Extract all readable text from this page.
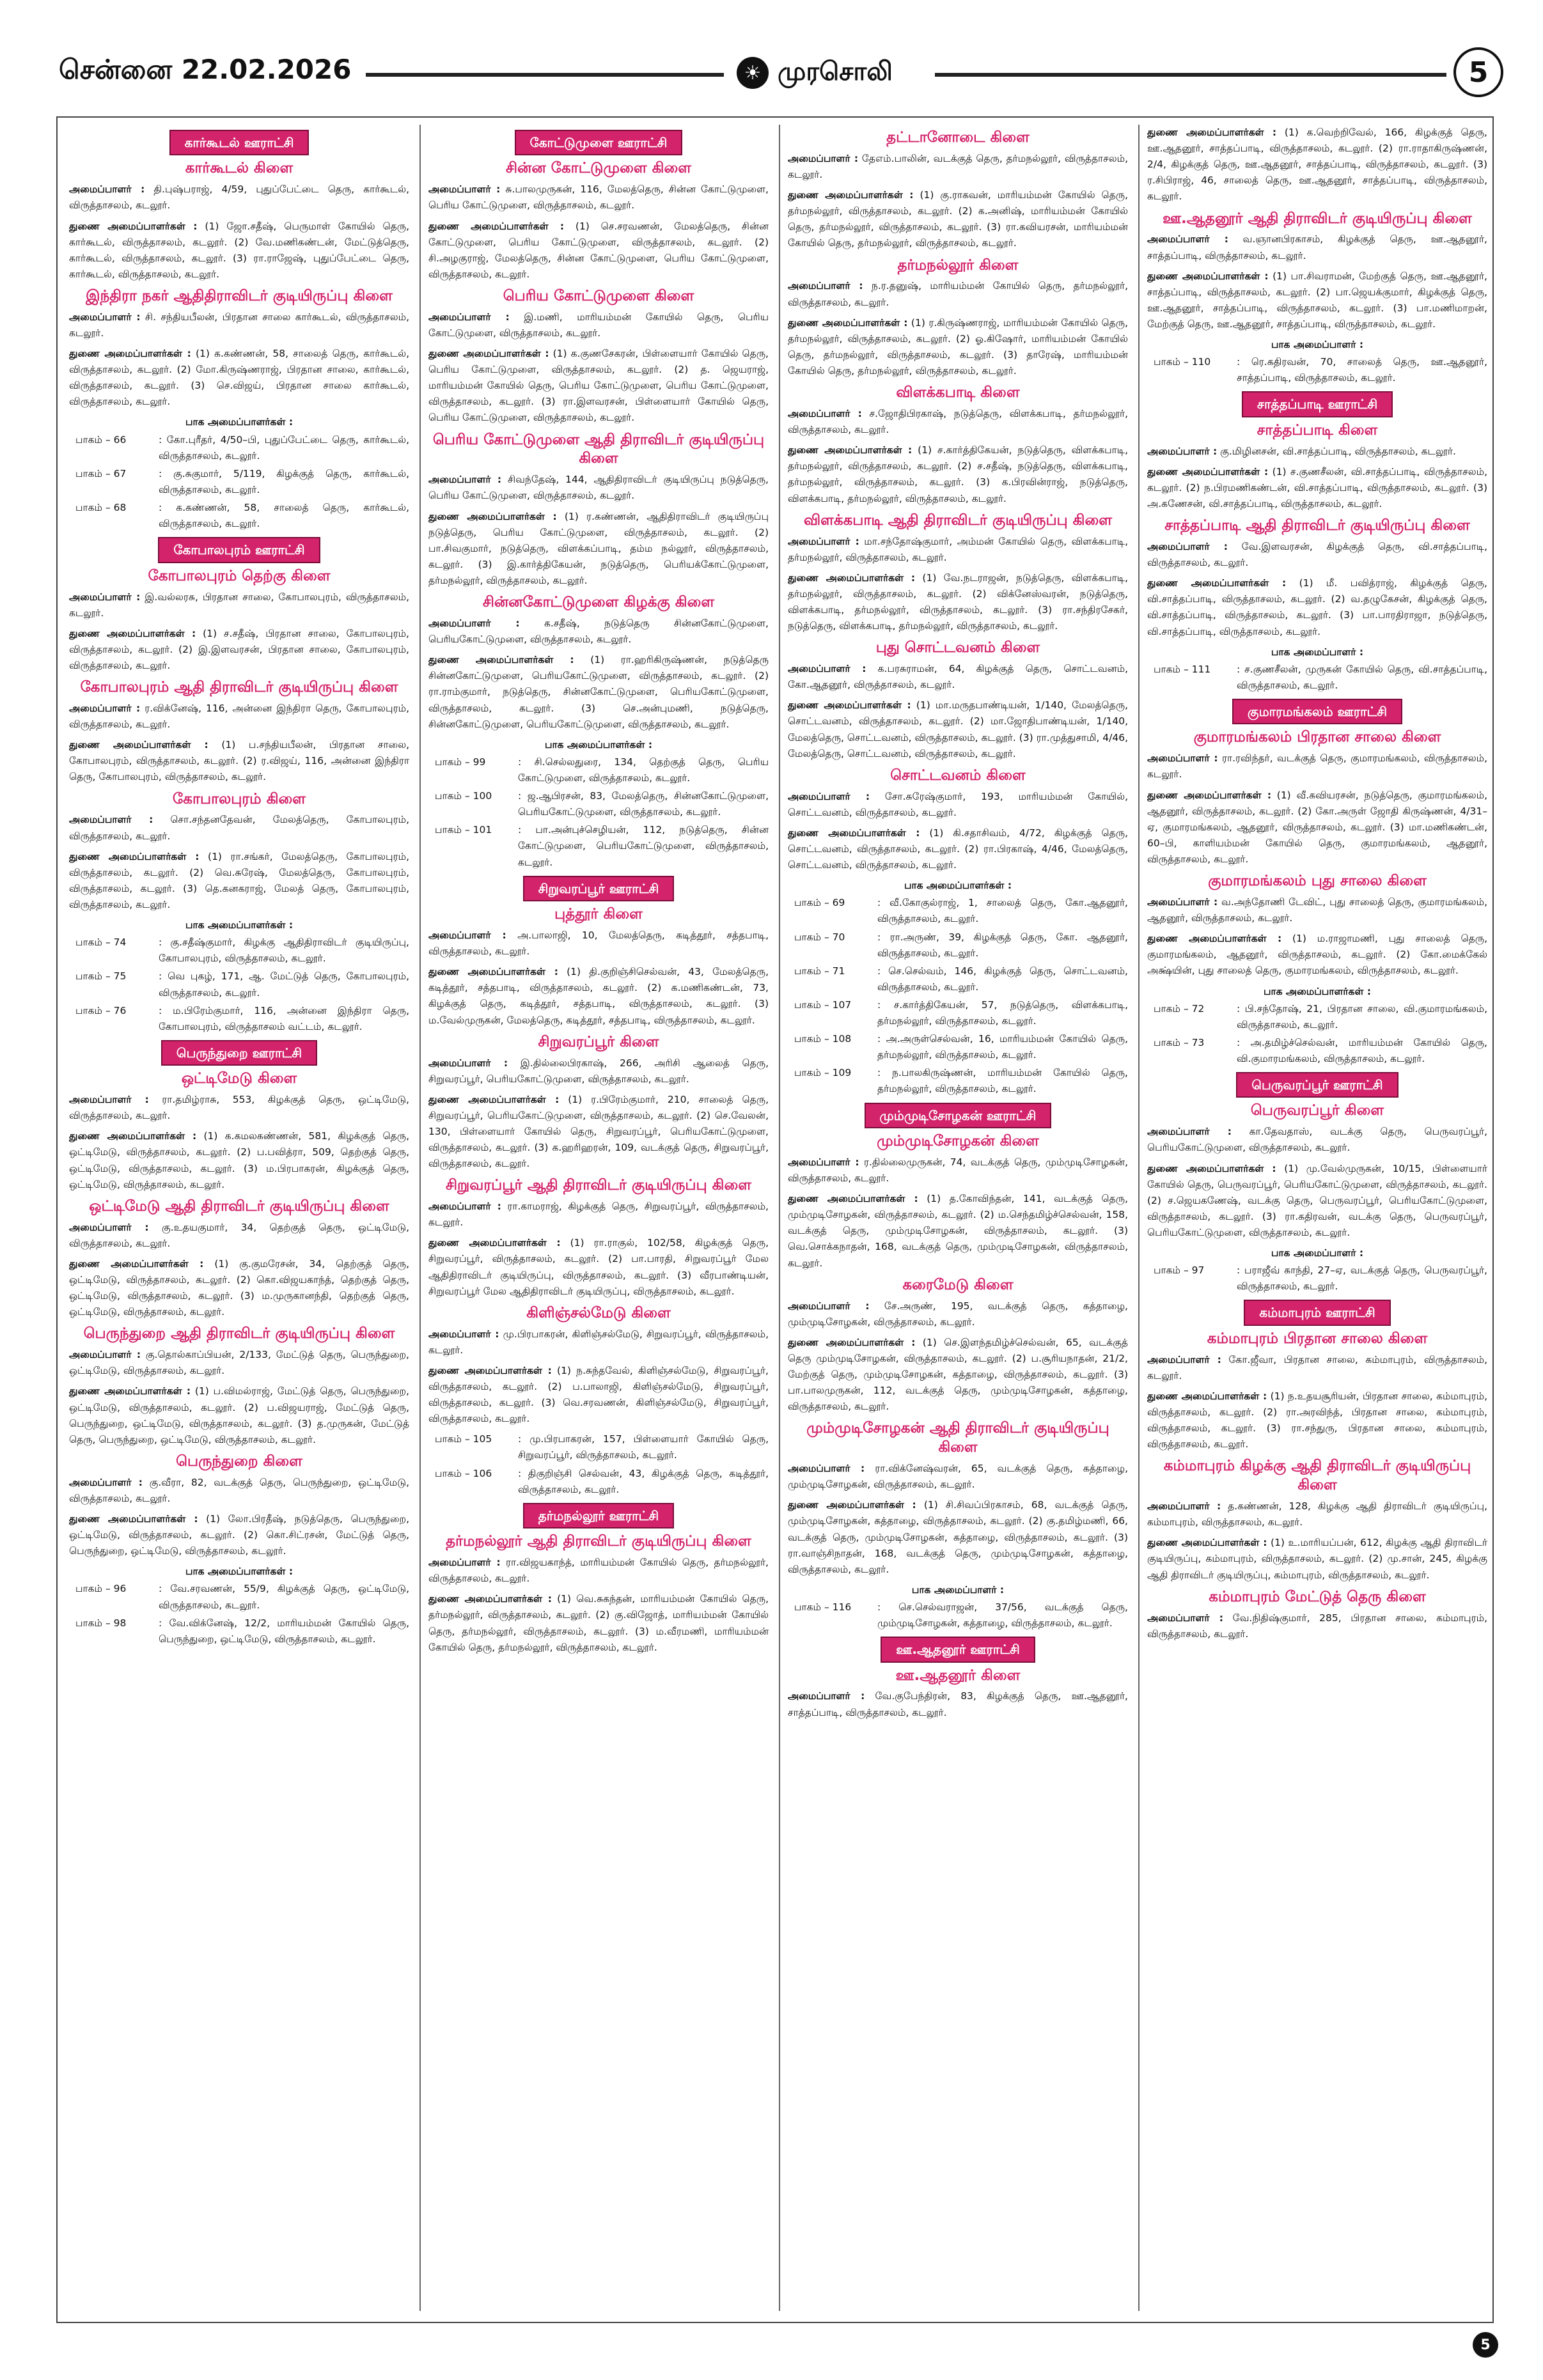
சென்னை 22.02.2026	☀ முரசொலி	5
கார்கூடல் ஊராட்சி
கார்கூடல் கிளை
அமைப்பாளர் : தி.புஷ்பராஜ், 4/59, புதுப்பேட்டை தெரு, கார்கூடல், விருத்தாசலம், கடலூர்.
துணை அமைப்பாளர்கள் : (1) ஜோ.சதீஷ், பெருமாள் கோயில் தெரு, கார்கூடல், விருத்தாசலம், கடலூர். (2) வே.மணிகண்டன், மேட்டுத்தெரு, கார்கூடல், விருத்தாசலம், கடலூர். (3) ரா.ராஜேஷ், புதுப்பேட்டை தெரு, கார்கூடல், விருத்தாசலம், கடலூர்.
இந்திரா நகர் ஆதிதிராவிடர் குடியிருப்பு கிளை
அமைப்பாளர் : சி. சந்தியபீலன், பிரதான சாலை கார்கூடல், விருத்தாசலம், கடலூர்.
துணை அமைப்பாளர்கள் : (1) க.கண்ணன், 58, சாலைத் தெரு, கார்கூடல், விருத்தாசலம், கடலூர். (2) மோ.கிருஷ்ணராஜ், பிரதான சாலை, கார்கூடல், விருத்தாசலம், கடலூர். (3) செ.விஜய், பிரதான சாலை கார்கூடல், விருத்தாசலம், கடலூர்.
பாக அமைப்பாளர்கள் :
பாகம் – 66	: கோ.புரீதர், 4/50–பி, புதுப்பேட்டை தெரு, கார்கூடல், விருத்தாசலம், கடலூர்.
பாகம் – 67	: கு.சுகுமார், 5/119, கிழக்குத் தெரு, கார்கூடல், விருத்தாசலம், கடலூர்.
பாகம் – 68	: க.கண்ணன், 58, சாலைத் தெரு, கார்கூடல், விருத்தாசலம், கடலூர்.
கோபாலபுரம் ஊராட்சி
கோபாலபுரம் தெற்கு கிளை
அமைப்பாளர் : இ.வல்லரசு, பிரதான சாலை, கோபாலபுரம், விருத்தாசலம், கடலூர்.
துணை அமைப்பாளர்கள் : (1) ச.சதீஷ், பிரதான சாலை, கோபாலபுரம், விருத்தாசலம், கடலூர். (2) இ.இளவரசன், பிரதான சாலை, கோபாலபுரம், விருத்தாசலம், கடலூர்.
கோபாலபுரம் ஆதி திராவிடர் குடியிருப்பு கிளை
அமைப்பாளர் : ர.விக்னேஷ், 116, அன்னை இந்திரா தெரு, கோபாலபுரம், விருத்தாசலம், கடலூர்.
துணை அமைப்பாளர்கள் : (1) ப.சந்தியபீலன், பிரதான சாலை, கோபாலபுரம், விருத்தாசலம், கடலூர். (2) ர.விஜய், 116, அன்னை இந்திரா தெரு, கோபாலபுரம், விருத்தாசலம், கடலூர்.
கோபாலபுரம் கிளை
அமைப்பாளர் : சொ.சந்தனதேவன், மேலத்தெரு, கோபாலபுரம், விருத்தாசலம், கடலூர்.
துணை அமைப்பாளர்கள் : (1) ரா.சங்கர், மேலத்தெரு, கோபாலபுரம், விருத்தாசலம், கடலூர். (2) வெ.சுரேஷ், மேலத்தெரு, கோபாலபுரம், விருத்தாசலம், கடலூர். (3) தெ.கனகராஜ், மேலத் தெரு, கோபாலபுரம், விருத்தாசலம், கடலூர்.
பாக அமைப்பாளர்கள் :
பாகம் – 74	: கு.சதீஷ்குமார், கிழக்கு ஆதிதிராவிடர் குடியிருப்பு, கோபாலபுரம், விருத்தாசலம், கடலூர்.
பாகம் – 75	: வெ புகழ், 171, ஆ. மேட்டுத் தெரு, கோபாலபுரம், விருத்தாசலம், கடலூர்.
பாகம் – 76	: ம.பிரேம்குமார், 116, அன்னை இந்திரா தெரு, கோபாலபுரம், விருத்தாசலம் வட்டம், கடலூர்.
பெருந்துறை ஊராட்சி
ஒட்டிமேடு கிளை
அமைப்பாளர் : ரா.தமிழ்ராசு, 553, கிழக்குத் தெரு, ஒட்டிமேடு, விருத்தாசலம், கடலூர்.
துணை அமைப்பாளர்கள் : (1) க.கமலகண்ணன், 581, கிழக்குத் தெரு, ஒட்டிமேடு, விருத்தாசலம், கடலூர். (2) ப.பவித்ரா, 509, தெற்குத் தெரு, ஒட்டிமேடு, விருத்தாசலம், கடலூர். (3) ம.பிரபாகரன், கிழக்குத் தெரு, ஒட்டிமேடு, விருத்தாசலம், கடலூர்.
ஒட்டிமேடு ஆதி திராவிடர் குடியிருப்பு கிளை
அமைப்பாளர் : கு.உதயகுமார், 34, தெற்குத் தெரு, ஒட்டிமேடு, விருத்தாசலம், கடலூர்.
துணை அமைப்பாளர்கள் : (1) கு.குமரேசன், 34, தெற்குத் தெரு, ஒட்டிமேடு, விருத்தாசலம், கடலூர். (2) கொ.விஜயகாந்த், தெற்குத் தெரு, ஒட்டிமேடு, விருத்தாசலம், கடலூர். (3) ம.முருகானந்தி, தெற்குத் தெரு, ஒட்டிமேடு, விருத்தாசலம், கடலூர்.
பெருந்துறை ஆதி திராவிடர் குடியிருப்பு கிளை
அமைப்பாளர் : கு.தொல்காப்பியன், 2/133, மேட்டுத் தெரு, பெருந்துறை, ஒட்டிமேடு, விருத்தாசலம், கடலூர்.
துணை அமைப்பாளர்கள் : (1) ப.விமல்ராஜ், மேட்டுத் தெரு, பெருந்துறை, ஒட்டிமேடு, விருத்தாசலம், கடலூர். (2) ப.விஜயராஜ், மேட்டுத் தெரு, பெருந்துறை, ஒட்டிமேடு, விருத்தாசலம், கடலூர். (3) த.முருகன், மேட்டுத் தெரு, பெருந்துறை, ஒட்டிமேடு, விருத்தாசலம், கடலூர்.
பெருந்துறை கிளை
அமைப்பாளர் : கு.வீரா, 82, வடக்குத் தெரு, பெருந்துறை, ஒட்டிமேடு, விருத்தாசலம், கடலூர்.
துணை அமைப்பாளர்கள் : (1) லோ.பிரதீஷ், நடுத்தெரு, பெருந்துறை, ஒட்டிமேடு, விருத்தாசலம், கடலூர். (2) கொ.சிட்ரசன், மேட்டுத் தெரு, பெருந்துறை, ஒட்டிமேடு, விருத்தாசலம், கடலூர்.
பாக அமைப்பாளர்கள் :
பாகம் – 96	: வே.சரவணன், 55/9, கிழக்குத் தெரு, ஒட்டிமேடு, விருத்தாசலம், கடலூர்.
பாகம் – 98	: வே.விக்னேஷ், 12/2, மாரியம்மன் கோயில் தெரு, பெருந்துறை, ஒட்டிமேடு, விருத்தாசலம், கடலூர்.
கோட்டுமுளை ஊராட்சி
சின்ன கோட்டுமுளை கிளை
அமைப்பாளர் : சு.பாலமுருகன், 116, மேலத்தெரு, சின்ன கோட்டுமுளை, பெரிய கோட்டுமுளை, விருத்தாசலம், கடலூர்.
துணை அமைப்பாளர்கள் : (1) செ.சரவணன், மேலத்தெரு, சின்ன கோட்டுமுளை, பெரிய கோட்டுமுளை, விருத்தாசலம், கடலூர். (2) சி.அழகுராஜ், மேலத்தெரு, சின்ன கோட்டுமுளை, பெரிய கோட்டுமுளை, விருத்தாசலம், கடலூர்.
பெரிய கோட்டுமுளை கிளை
அமைப்பாளர் : இ.மணி, மாரியம்மன் கோயில் தெரு, பெரிய கோட்டுமுளை, விருத்தாசலம், கடலூர்.
துணை அமைப்பாளர்கள் : (1) க.குணசேகரன், பிள்ளையார் கோயில் தெரு, பெரிய கோட்டுமுளை, விருத்தாசலம், கடலூர். (2) த. ஜெயராஜ், மாரியம்மன் கோயில் தெரு, பெரிய கோட்டுமுளை, பெரிய கோட்டுமுளை, விருத்தாசலம், கடலூர். (3) ரா.இளவரசன், பிள்ளையார் கோயில் தெரு, பெரிய கோட்டுமுளை, விருத்தாசலம், கடலூர்.
பெரிய கோட்டுமுளை ஆதி திராவிடர் குடியிருப்பு கிளை
அமைப்பாளர் : சிவந்தேஷ், 144, ஆதிதிராவிடர் குடியிருப்பு நடுத்தெரு, பெரிய கோட்டுமுளை, விருத்தாசலம், கடலூர்.
துணை அமைப்பாளர்கள் : (1) ர.கண்ணன், ஆதிதிராவிடர் குடியிருப்பு நடுத்தெரு, பெரிய கோட்டுமுளை, விருத்தாசலம், கடலூர். (2) பா.சிவகுமார், நடுத்தெரு, விளக்கப்பாடி, தம்ம நல்லூர், விருத்தாசலம், கடலூர். (3) இ.கார்த்திகேயன், நடுத்தெரு, பெரியக்கோட்டுமுளை, தர்மநல்லூர், விருத்தாசலம், கடலூர்.
சின்னகோட்டுமுளை கிழக்கு கிளை
அமைப்பாளர் : க.சதீஷ், நடுத்தெரு சின்னகோட்டுமுளை, பெரியகோட்டுமுளை, விருத்தாசலம், கடலூர்.
துணை அமைப்பாளர்கள் : (1) ரா.ஹரிகிருஷ்ணன், நடுத்தெரு சின்னகோட்டுமுளை, பெரியகோட்டுமுளை, விருத்தாசலம், கடலூர். (2) ரா.ராம்குமார், நடுத்தெரு, சின்னகோட்டுமுளை, பெரியகோட்டுமுளை, விருத்தாசலம், கடலூர். (3) செ.அன்புமணி, நடுத்தெரு, சின்னகோட்டுமுளை, பெரியகோட்டுமுளை, விருத்தாசலம், கடலூர்.
பாக அமைப்பாளர்கள் :
பாகம் – 99	: சி.செல்லதுரை, 134, தெற்குத் தெரு, பெரிய கோட்டுமுளை, விருத்தாசலம், கடலூர்.
பாகம் – 100	: ஜ.ஆபிரசன், 83, மேலத்தெரு, சின்னகோட்டுமுளை, பெரியகோட்டுமுளை, விருத்தாசலம், கடலூர்.
பாகம் – 101	: பா.அன்புச்செழியன், 112, நடுத்தெரு, சின்ன கோட்டுமுளை, பெரியகோட்டுமுளை, விருத்தாசலம், கடலூர்.
சிறுவரப்பூர் ஊராட்சி
புத்தூர் கிளை
அமைப்பாளர் : அ.பாலாஜி, 10, மேலத்தெரு, கடித்தூர், சத்தபாடி, விருத்தாசலம், கடலூர்.
துணை அமைப்பாளர்கள் : (1) தி.குறிஞ்சிசெல்வன், 43, மேலத்தெரு, கடித்தூர், சத்தபாடி, விருத்தாசலம், கடலூர். (2) க.மணிகண்டன், 73, கிழக்குத் தெரு, கடித்தூர், சத்தபாடி, விருத்தாசலம், கடலூர். (3) ம.வேல்முருகன், மேலத்தெரு, கடித்தூர், சத்தபாடி, விருத்தாசலம், கடலூர்.
சிறுவரப்பூர் கிளை
அமைப்பாளர் : இ.தில்லைபிரகாஷ், 266, அரிசி ஆலைத் தெரு, சிறுவரப்பூர், பெரியகோட்டுமுளை, விருத்தாசலம், கடலூர்.
துணை அமைப்பாளர்கள் : (1) ர.பிரேம்குமார், 210, சாலைத் தெரு, சிறுவரப்பூர், பெரியகோட்டுமுளை, விருத்தாசலம், கடலூர். (2) செ.வேலன், 130, பிள்ளையார் கோயில் தெரு, சிறுவரப்பூர், பெரியகோட்டுமுளை, விருத்தாசலம், கடலூர். (3) க.ஹரிஹரன், 109, வடக்குத் தெரு, சிறுவரப்பூர், விருத்தாசலம், கடலூர்.
சிறுவரப்பூர் ஆதி திராவிடர் குடியிருப்பு கிளை
அமைப்பாளர் : ரா.காமராஜ், கிழக்குத் தெரு, சிறுவரப்பூர், விருத்தாசலம், கடலூர்.
துணை அமைப்பாளர்கள் : (1) ரா.ராகுல், 102/58, கிழக்குத் தெரு, சிறுவரப்பூர், விருத்தாசலம், கடலூர். (2) பா.பாரதி, சிறுவரப்பூர் மேல ஆதிதிராவிடர் குடியிருப்பு, விருத்தாசலம், கடலூர். (3) வீரபாண்டியன், சிறுவரப்பூர் மேல ஆதிதிராவிடர் குடியிருப்பு, விருத்தாசலம், கடலூர்.
கிளிஞ்சல்மேடு கிளை
அமைப்பாளர் : மு.பிரபாகரன், கிளிஞ்சல்மேடு, சிறுவரப்பூர், விருத்தாசலம், கடலூர்.
துணை அமைப்பாளர்கள் : (1) ந.சுந்தவேல், கிளிஞ்சல்மேடு, சிறுவரப்பூர், விருத்தாசலம், கடலூர். (2) ப.பாலாஜி, கிளிஞ்சல்மேடு, சிறுவரப்பூர், விருத்தாசலம், கடலூர். (3) வெ.சரவணன், கிளிஞ்சல்மேடு, சிறுவரப்பூர், விருத்தாசலம், கடலூர்.
பாகம் – 105	: மு.பிரபாகரன், 157, பிள்ளையார் கோயில் தெரு, சிறுவரப்பூர், விருத்தாசலம், கடலூர்.
பாகம் – 106	: திகுறிஞ்சி செல்வன், 43, கிழக்குத் தெரு, கடித்தூர், விருத்தாசலம், கடலூர்.
தர்மநல்லூர் ஊராட்சி
தர்மநல்லூர் ஆதி திராவிடர் குடியிருப்பு கிளை
அமைப்பாளர் : ரா.விஜயகாந்த், மாரியம்மன் கோயில் தெரு, தர்மநல்லூர், விருத்தாசலம், கடலூர்.
துணை அமைப்பாளர்கள் : (1) வெ.சுகந்தன், மாரியம்மன் கோயில் தெரு, தர்மநல்லூர், விருத்தாசலம், கடலூர். (2) கு.விஜோத், மாரியம்மன் கோயில் தெரு, தர்மநல்லூர், விருத்தாசலம், கடலூர். (3) ம.வீரமணி, மாரியம்மன் கோயில் தெரு, தர்மநல்லூர், விருத்தாசலம், கடலூர்.
தட்டானோடை கிளை
அமைப்பாளர் : தேஎம்.பாலின், வடக்குத் தெரு, தர்மநல்லூர், விருத்தாசலம், கடலூர்.
துணை அமைப்பாளர்கள் : (1) கு.ராகவன், மாரியம்மன் கோயில் தெரு, தர்மநல்லூர், விருத்தாசலம், கடலூர். (2) க.அனிஷ், மாரியம்மன் கோயில் தெரு, தர்மநல்லூர், விருத்தாசலம், கடலூர். (3) ரா.கவியரசன், மாரியம்மன் கோயில் தெரு, தர்மநல்லூர், விருத்தாசலம், கடலூர்.
தர்மநல்லூர் கிளை
அமைப்பாளர் : ந.ர.தனுஷ், மாரியம்மன் கோயில் தெரு, தர்மநல்லூர், விருத்தாசலம், கடலூர்.
துணை அமைப்பாளர்கள் : (1) ர.கிருஷ்ணராஜ், மாரியம்மன் கோயில் தெரு, தர்மநல்லூர், விருத்தாசலம், கடலூர். (2) ஓ.கிஷோர், மாரியம்மன் கோயில் தெரு, தர்மநல்லூர், விருத்தாசலம், கடலூர். (3) தாரேஷ், மாரியம்மன் கோயில் தெரு, தர்மநல்லூர், விருத்தாசலம், கடலூர்.
விளக்கபாடி கிளை
அமைப்பாளர் : ச.ஜோதிபிரகாஷ், நடுத்தெரு, விளக்கபாடி, தர்மநல்லூர், விருத்தாசலம், கடலூர்.
துணை அமைப்பாளர்கள் : (1) ச.கார்த்திகேயன், நடுத்தெரு, விளக்கபாடி, தர்மநல்லூர், விருத்தாசலம், கடலூர். (2) ச.சதீஷ், நடுத்தெரு, விளக்கபாடி, தர்மநல்லூர், விருத்தாசலம், கடலூர். (3) க.பிரவின்ராஜ், நடுத்தெரு, விளக்கபாடி, தர்மநல்லூர், விருத்தாசலம், கடலூர்.
விளக்கபாடி ஆதி திராவிடர் குடியிருப்பு கிளை
அமைப்பாளர் : மா.சந்தோஷ்குமார், அம்மன் கோயில் தெரு, விளக்கபாடி, தர்மநல்லூர், விருத்தாசலம், கடலூர்.
துணை அமைப்பாளர்கள் : (1) வே.நடராஜன், நடுத்தெரு, விளக்கபாடி, தர்மநல்லூர், விருத்தாசலம், கடலூர். (2) விக்னேஸ்வரன், நடுத்தெரு, விளக்கபாடி, தர்மநல்லூர், விருத்தாசலம், கடலூர். (3) ரா.சந்திரசேகர், நடுத்தெரு, விளக்கபாடி, தர்மநல்லூர், விருத்தாசலம், கடலூர்.
புது சொட்டவனம் கிளை
அமைப்பாளர் : க.பரசுராமன், 64, கிழக்குத் தெரு, சொட்டவனம், கோ.ஆதனூர், விருத்தாசலம், கடலூர்.
துணை அமைப்பாளர்கள் : (1) மா.மருதபாண்டியன், 1/140, மேலத்தெரு, சொட்டவனம், விருத்தாசலம், கடலூர். (2) மா.ஜோதிபாண்டியன், 1/140, மேலத்தெரு, சொட்டவனம், விருத்தாசலம், கடலூர். (3) ரா.முத்துசாமி, 4/46, மேலத்தெரு, சொட்டவனம், விருத்தாசலம், கடலூர்.
சொட்டவனம் கிளை
அமைப்பாளர் : சோ.சுரேஷ்குமார், 193, மாரியம்மன் கோயில், சொட்டவனம், விருத்தாசலம், கடலூர்.
துணை அமைப்பாளர்கள் : (1) கி.சதாசிவம், 4/72, கிழக்குத் தெரு, சொட்டவனம், விருத்தாசலம், கடலூர். (2) ரா.பிரகாஷ், 4/46, மேலத்தெரு, சொட்டவனம், விருத்தாசலம், கடலூர்.
பாக அமைப்பாளர்கள் :
பாகம் – 69	: வீ.கோகுல்ராஜ், 1, சாலைத் தெரு, கோ.ஆதனூர், விருத்தாசலம், கடலூர்.
பாகம் – 70	: ரா.அருண், 39, கிழக்குத் தெரு, கோ. ஆதனூர், விருத்தாசலம், கடலூர்.
பாகம் – 71	: செ.செல்வம், 146, கிழக்குத் தெரு, சொட்டவனம், விருத்தாசலம், கடலூர்.
பாகம் – 107	: ச.கார்த்திகேயன், 57, நடுத்தெரு, விளக்கபாடி, தர்மநல்லூர், விருத்தாசலம், கடலூர்.
பாகம் – 108	: அ.அருள்செல்வன், 16, மாரியம்மன் கோயில் தெரு, தர்மநல்லூர், விருத்தாசலம், கடலூர்.
பாகம் – 109	: ந.பாலகிருஷ்ணன், மாரியம்மன் கோயில் தெரு, தர்மநல்லூர், விருத்தாசலம், கடலூர்.
மும்முடிசோழகன் ஊராட்சி
மும்முடிசோழகன் கிளை
அமைப்பாளர் : ர.தில்லைமுருகன், 74, வடக்குத் தெரு, மும்முடிசோழகன், விருத்தாசலம், கடலூர்.
துணை அமைப்பாளர்கள் : (1) த.கோவிந்தன், 141, வடக்குத் தெரு, மும்முடிசோழகன், விருத்தாசலம், கடலூர். (2) ம.செந்தமிழ்ச்செல்வன், 158, வடக்குத் தெரு, மும்முடிசோழகன், விருத்தாசலம், கடலூர். (3) வெ.சொக்கநாதன், 168, வடக்குத் தெரு, மும்முடிசோழகன், விருத்தாசலம், கடலூர்.
கரைமேடு கிளை
அமைப்பாளர் : சே.அருண், 195, வடக்குத் தெரு, கத்தாழை, மும்முடிசோழகன், விருத்தாசலம், கடலூர்.
துணை அமைப்பாளர்கள் : (1) செ.இளந்தமிழ்ச்செல்வன், 65, வடக்குத் தெரு மும்முடிசோழகன், விருத்தாசலம், கடலூர். (2) ப.சூரியநாதன், 21/2, மேற்குத் தெரு, மும்முடிசோழகன், கத்தாழை, விருத்தாசலம், கடலூர். (3) பா.பாலமுருகன், 112, வடக்குத் தெரு, மும்முடிசோழகன், கத்தாழை, விருத்தாசலம், கடலூர்.
மும்முடிசோழகன் ஆதி திராவிடர் குடியிருப்பு கிளை
அமைப்பாளர் : ரா.விக்னேஷ்வரன், 65, வடக்குத் தெரு, கத்தாழை, மும்முடிசோழகன், விருத்தாசலம், கடலூர்.
துணை அமைப்பாளர்கள் : (1) சி.சிவப்பிரகாசம், 68, வடக்குத் தெரு, மும்முடிசோழகன், கத்தாழை, விருத்தாசலம், கடலூர். (2) கு.தமிழ்மணி, 66, வடக்குத் தெரு, மும்முடிசோழகன், கத்தாழை, விருத்தாசலம், கடலூர். (3) ரா.வாஞ்சிநாதன், 168, வடக்குத் தெரு, மும்முடிசோழகன், கத்தாழை, விருத்தாசலம், கடலூர்.
பாக அமைப்பாளர் :
பாகம் – 116	: செ.செல்வராஜன், 37/56, வடக்குத் தெரு, மும்முடிசோழகன், கத்தாழை, விருத்தாசலம், கடலூர்.
ஊ.ஆதனூர் ஊராட்சி
ஊ.ஆதனூர் கிளை
அமைப்பாளர் : வே.குபேந்திரன், 83, கிழக்குத் தெரு, ஊ.ஆதனூர், சாத்தப்பாடி, விருத்தாசலம், கடலூர்.
துணை அமைப்பாளர்கள் : (1) க.வெற்றிவேல், 166, கிழக்குத் தெரு, ஊ.ஆதனூர், சாத்தப்பாடி, விருத்தாசலம், கடலூர். (2) ரா.ராதாகிருஷ்ணன், 2/4, கிழக்குத் தெரு, ஊ.ஆதனூர், சாத்தப்பாடி, விருத்தாசலம், கடலூர். (3) ர.சிபிராஜ், 46, சாலைத் தெரு, ஊ.ஆதனூர், சாத்தப்பாடி, விருத்தாசலம், கடலூர்.
ஊ.ஆதனூர் ஆதி திராவிடர் குடியிருப்பு கிளை
அமைப்பாளர் : வ.ஞானபிரகாசம், கிழக்குத் தெரு, ஊ.ஆதனூர், சாத்தப்பாடி, விருத்தாசலம், கடலூர்.
துணை அமைப்பாளர்கள் : (1) பா.சிவராமன், மேற்குத் தெரு, ஊ.ஆதனூர், சாத்தப்பாடி, விருத்தாசலம், கடலூர். (2) பா.ஜெயக்குமார், கிழக்குத் தெரு, ஊ.ஆதனூர், சாத்தப்பாடி, விருத்தாசலம், கடலூர். (3) பா.மணிமாறன், மேற்குத் தெரு, ஊ.ஆதனூர், சாத்தப்பாடி, விருத்தாசலம், கடலூர்.
பாக அமைப்பாளர் :
பாகம் – 110	: ரெ.கதிரவன், 70, சாலைத் தெரு, ஊ.ஆதனூர், சாத்தப்பாடி, விருத்தாசலம், கடலூர்.
சாத்தப்பாடி ஊராட்சி
சாத்தப்பாடி கிளை
அமைப்பாளர் : கு.மிழினசன், வி.சாத்தப்பாடி, விருத்தாசலம், கடலூர்.
துணை அமைப்பாளர்கள் : (1) ச.குணசீலன், வி.சாத்தப்பாடி, விருத்தாசலம், கடலூர். (2) ந.பிரமணிகண்டன், வி.சாத்தப்பாடி, விருத்தாசலம், கடலூர். (3) அ.கணேசன், வி.சாத்தப்பாடி, விருத்தாசலம், கடலூர்.
சாத்தப்பாடி ஆதி திராவிடர் குடியிருப்பு கிளை
அமைப்பாளர் : வே.இளவரசன், கிழக்குத் தெரு, வி.சாத்தப்பாடி, விருத்தாசலம், கடலூர்.
துணை அமைப்பாளர்கள் : (1) மீ. பவித்ராஜ், கிழக்குத் தெரு, வி.சாத்தப்பாடி, விருத்தாசலம், கடலூர். (2) வ.தழுகேசன், கிழக்குத் தெரு, வி.சாத்தப்பாடி, விருத்தாசலம், கடலூர். (3) பா.பாரதிராஜா, நடுத்தெரு, வி.சாத்தப்பாடி, விருத்தாசலம், கடலூர்.
பாக அமைப்பாளர் :
பாகம் – 111	: ச.குணசீலன், முருகன் கோயில் தெரு, வி.சாத்தப்பாடி, விருத்தாசலம், கடலூர்.
குமாரமங்கலம் ஊராட்சி
குமாரமங்கலம் பிரதான சாலை கிளை
அமைப்பாளர் : ரா.ரவிந்தர், வடக்குத் தெரு, குமாரமங்கலம், விருத்தாசலம், கடலூர்.
துணை அமைப்பாளர்கள் : (1) வீ.கவியரசன், நடுத்தெரு, குமாரமங்கலம், ஆதனூர், விருத்தாசலம், கடலூர். (2) கோ.அருள் ஜோதி கிருஷ்ணன், 4/31–ஏ, குமாரமங்கலம், ஆதனூர், விருத்தாசலம், கடலூர். (3) மா.மணிகண்டன், 60–பி, காளியம்மன் கோயில் தெரு, குமாரமங்கலம், ஆதனூர், விருத்தாசலம், கடலூர்.
குமாரமங்கலம் புது சாலை கிளை
அமைப்பாளர் : வ.அந்தோணி டேவிட், புது சாலைத் தெரு, குமாரமங்கலம், ஆதனூர், விருத்தாசலம், கடலூர்.
துணை அமைப்பாளர்கள் : (1) ம.ராஜாமணி, புது சாலைத் தெரு, குமாரமங்கலம், ஆதனூர், விருத்தாசலம், கடலூர். (2) கோ.மைக்கேல் அக்ஷ்யின், புது சாலைத் தெரு, குமாரமங்கலம், விருத்தாசலம், கடலூர்.
பாக அமைப்பாளர்கள் :
பாகம் – 72	: பி.சந்தோஷ், 21, பிரதான சாலை, வி.குமாரமங்கலம், விருத்தாசலம், கடலூர்.
பாகம் – 73	: அ.தமிழ்ச்செல்வன், மாரியம்மன் கோயில் தெரு, வி.குமாரமங்கலம், விருத்தாசலம், கடலூர்.
பெருவரப்பூர் ஊராட்சி
பெருவரப்பூர் கிளை
அமைப்பாளர் : கா.தேவதாஸ், வடக்கு தெரு, பெருவரப்பூர், பெரியகோட்டுமுளை, விருத்தாசலம், கடலூர்.
துணை அமைப்பாளர்கள் : (1) மு.வேல்முருகன், 10/15, பிள்ளையார் கோயில் தெரு, பெருவரப்பூர், பெரியகோட்டுமுளை, விருத்தாசலம், கடலூர். (2) ச.ஜெயகணேஷ், வடக்கு தெரு, பெருவரப்பூர், பெரியகோட்டுமுளை, விருத்தாசலம், கடலூர். (3) ரா.கதிரவன், வடக்கு தெரு, பெருவரப்பூர், பெரியகோட்டுமுளை, விருத்தாசலம், கடலூர்.
பாக அமைப்பாளர் :
பாகம் – 97	: பராஜீவ் காந்தி, 27–ஏ, வடக்குத் தெரு, பெருவரப்பூர், விருத்தாசலம், கடலூர்.
கம்மாபுரம் ஊராட்சி
கம்மாபுரம் பிரதான சாலை கிளை
அமைப்பாளர் : கோ.ஜீவா, பிரதான சாலை, கம்மாபுரம், விருத்தாசலம், கடலூர்.
துணை அமைப்பாளர்கள் : (1) ந.உதயசூரியன், பிரதான சாலை, கம்மாபுரம், விருத்தாசலம், கடலூர். (2) ரா.அரவிந்த், பிரதான சாலை, கம்மாபுரம், விருத்தாசலம், கடலூர். (3) ரா.சந்துரு, பிரதான சாலை, கம்மாபுரம், விருத்தாசலம், கடலூர்.
கம்மாபுரம் கிழக்கு ஆதி திராவிடர் குடியிருப்பு கிளை
அமைப்பாளர் : த.கண்ணன், 128, கிழக்கு ஆதி திராவிடர் குடியிருப்பு, கம்மாபுரம், விருத்தாசலம், கடலூர்.
துணை அமைப்பாளர்கள் : (1) உ.மாரியப்பன், 612, கிழக்கு ஆதி திராவிடர் குடியிருப்பு, கம்மாபுரம், விருத்தாசலம், கடலூர். (2) மு.சான், 245, கிழக்கு ஆதி திராவிடர் குடியிருப்பு, கம்மாபுரம், விருத்தாசலம், கடலூர்.
கம்மாபுரம் மேட்டுத் தெரு கிளை
அமைப்பாளர் : வே.நிதிஷ்குமார், 285, பிரதான சாலை, கம்மாபுரம், விருத்தாசலம், கடலூர்.
5
